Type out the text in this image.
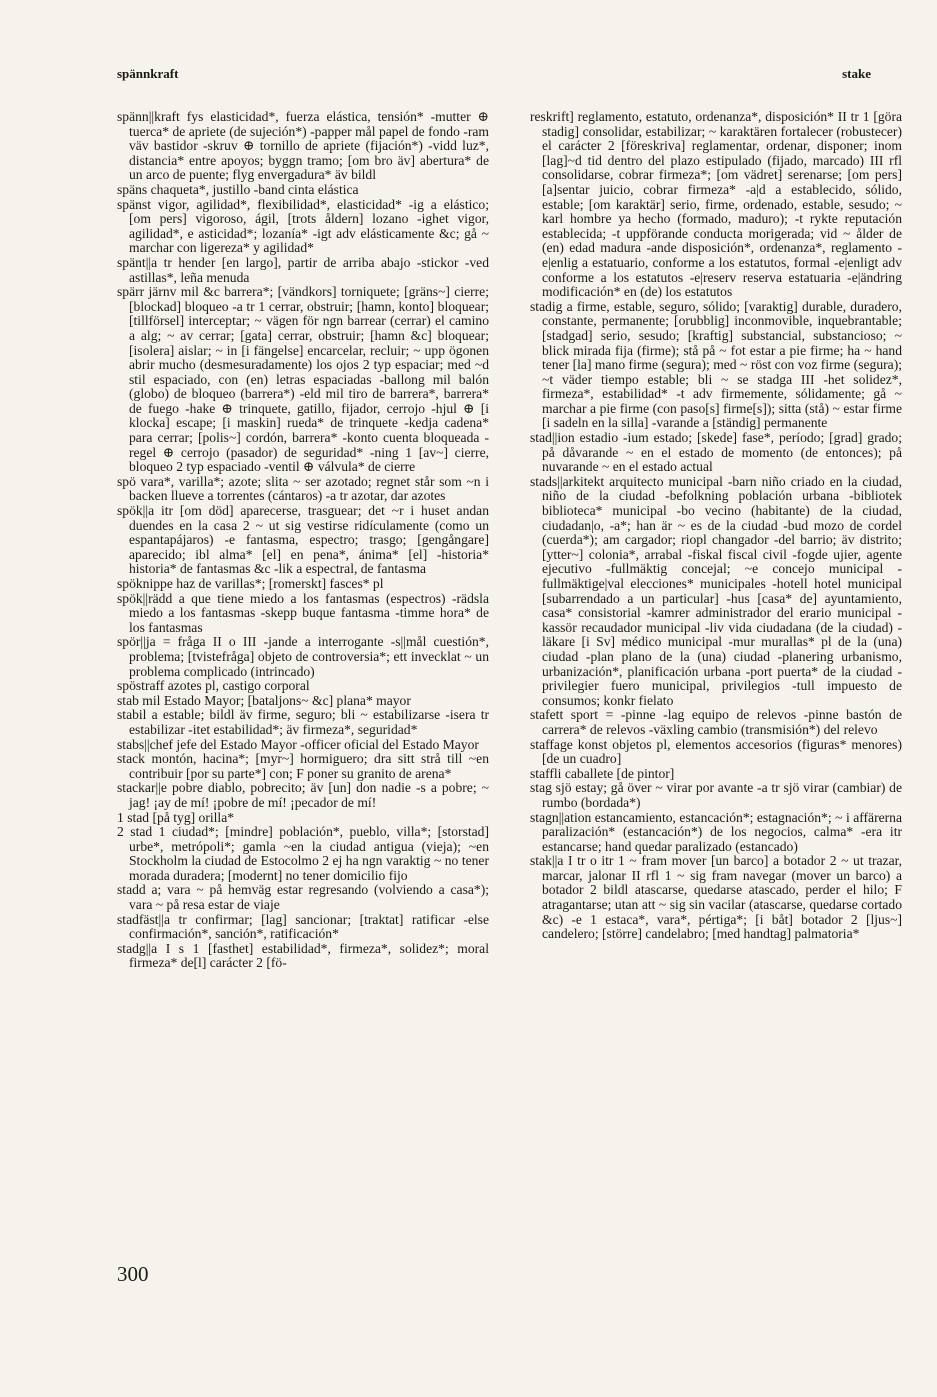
spännkraft	stake

spänn||kraft fys elasticidad*, fuerza elástica, tensión* -mutter ⊕ tuerca* de apriete (de sujeción*) -papper mål papel de fondo -ram väv bastidor -skruv ⊕ tornillo de apriete (fijación*) -vidd luz*, distancia* entre apoyos; byggn tramo; [om bro äv] abertura* de un arco de puente; flyg envergadura* äv bildl

späns chaqueta*, justillo -band cinta elástica

spänst vigor, agilidad*, flexibilidad*, elasticidad* -ig a elástico; [om pers] vigoroso, ágil, [trots åldern] lozano -ighet vigor, agilidad*, e asticidad*; lozanía* -igt adv elásticamente &c; gå ~ marchar con ligereza* y agilidad*

spänt||a tr hender [en largo], partir de arriba abajo -stickor -ved astillas*, leña menuda

spärr järnv mil &c barrera*; [vändkors] torniquete; [gräns~] cierre; [blockad] bloqueo -a tr 1 cerrar, obstruir; [hamn, konto] bloquear; [tillförsel] interceptar; ~ vägen för ngn barrear (cerrar) el camino a alg; ~ av cerrar; [gata] cerrar, obstruir; [hamn &c] bloquear; [isolera] aislar; ~ in [i fängelse] encarcelar, recluir; ~ upp ögonen abrir mucho (desmesuradamente) los ojos 2 typ espaciar; med ~d stil espaciado, con (en) letras espaciadas -ballong mil balón (globo) de bloqueo (barrera*) -eld mil tiro de barrera*, barrera* de fuego -hake ⊕ trinquete, gatillo, fijador, cerrojo -hjul ⊕ [i klocka] escape; [i maskin] rueda* de trinquete -kedja cadena* para cerrar; [polis~] cordón, barrera* -konto cuenta bloqueada -regel ⊕ cerrojo (pasador) de seguridad* -ning 1 [av~] cierre, bloqueo 2 typ espaciado -ventil ⊕ válvula* de cierre

spö vara*, varilla*; azote; slita ~ ser azotado; regnet står som ~n i backen llueve a torrentes (cántaros) -a tr azotar, dar azotes

spök||a itr [om död] aparecerse, trasguear; det ~r i huset andan duendes en la casa 2 ~ ut sig vestirse ridículamente (como un espantapájaros) -e fantasma, espectro; trasgo; [gengångare] aparecido; ibl alma* [el] en pena*, ánima* [el] -historia* historia* de fantasmas &c -lik a espectral, de fantasma

spöknippe haz de varillas*; [romerskt] fasces* pl

spök||rädd a que tiene miedo a los fantasmas (espectros) -rädsla miedo a los fantasmas -skepp buque fantasma -timme hora* de los fantasmas

spör||ja = fråga II o III -jande a interrogante -s||mål cuestión*, problema; [tvistefråga] objeto de controversia*; ett invecklat ~ un problema complicado (intrincado)

spöstraff azotes pl, castigo corporal

stab mil Estado Mayor; [bataljons~ &c] plana* mayor

stabil a estable; bildl äv firme, seguro; bli ~ estabilizarse -isera tr estabilizar -itet estabilidad*; äv firmeza*, seguridad*

stabs||chef jefe del Estado Mayor -officer oficial del Estado Mayor

stack montón, hacina*; [myr~] hormiguero; dra sitt strå till ~en contribuir [por su parte*] con; F poner su granito de arena*

stackar||e pobre diablo, pobrecito; äv [un] don nadie -s a pobre; ~ jag! ¡ay de mí! ¡pobre de mí! ¡pecador de mí!

1 stad [på tyg] orilla*

2 stad 1 ciudad*; [mindre] población*, pueblo, villa*; [storstad] urbe*, metrópoli*; gamla ~en la ciudad antigua (vieja); ~en Stockholm la ciudad de Estocolmo 2 ej ha ngn varaktig ~ no tener morada duradera; [modernt] no tener domicilio fijo

stadd a; vara ~ på hemväg estar regresando (volviendo a casa*); vara ~ på resa estar de viaje

stadfäst||a tr confirmar; [lag] sancionar; [traktat] ratificar -else confirmación*, sanción*, ratificación*

stadg||a I s 1 [fasthet] estabilidad*, firmeza*, solidez*; moral firmeza* de[l] carácter 2 [fö-

reskrift] reglamento, estatuto, ordenanza*, disposición* II tr 1 [göra stadig] consolidar, estabilizar; ~ karaktären fortalecer (robustecer) el carácter 2 [föreskriva] reglamentar, ordenar, disponer; inom [lag]~d tid dentro del plazo estipulado (fijado, marcado) III rfl consolidarse, cobrar firmeza*; [om vädret] serenarse; [om pers] [a]sentar juicio, cobrar firmeza* -a|d a establecido, sólido, estable; [om karaktär] serio, firme, ordenado, estable, sesudo; ~ karl hombre ya hecho (formado, maduro); -t rykte reputación establecida; -t uppförande conducta morigerada; vid ~ ålder de (en) edad madura -ande disposición*, ordenanza*, reglamento -e|enlig a estatuario, conforme a los estatutos, formal -e|enligt adv conforme a los estatutos -e|reserv reserva estatuaria -e|ändring modificación* en (de) los estatutos

stadig a firme, estable, seguro, sólido; [varaktig] durable, duradero, constante, permanente; [orubblig] inconmovible, inquebrantable; [stadgad] serio, sesudo; [kraftig] substancial, substancioso; ~ blick mirada fija (firme); stå på ~ fot estar a pie firme; ha ~ hand tener [la] mano firme (segura); med ~ röst con voz firme (segura); ~t väder tiempo estable; bli ~ se stadga III -het solidez*, firmeza*, estabilidad* -t adv firmemente, sólidamente; gå ~ marchar a pie firme (con paso[s] firme[s]); sitta (stå) ~ estar firme [i sadeln en la silla] -varande a [ständig] permanente

stad||ion estadio -ium estado; [skede] fase*, período; [grad] grado; på dåvarande ~ en el estado de momento (de entonces); på nuvarande ~ en el estado actual

stads||arkitekt arquitecto municipal -barn niño criado en la ciudad, niño de la ciudad -befolkning población urbana -bibliotek biblioteca* municipal -bo vecino (habitante) de la ciudad, ciudadan|o, -a*; han är ~ es de la ciudad -bud mozo de cordel (cuerda*); am cargador; riopl changador -del barrio; äv distrito; [ytter~] colonia*, arrabal -fiskal fiscal civil -fogde ujier, agente ejecutivo -fullmäktig concejal; ~e concejo municipal -fullmäktige|val elecciones* municipales -hotell hotel municipal [subarrendado a un particular] -hus [casa* de] ayuntamiento, casa* consistorial -kamrer administrador del erario municipal -kassör recaudador municipal -liv vida ciudadana (de la ciudad) -läkare [i Sv] médico municipal -mur murallas* pl de la (una) ciudad -plan plano de la (una) ciudad -planering urbanismo, urbanización*, planificación urbana -port puerta* de la ciudad -privilegier fuero municipal, privilegios -tull impuesto de consumos; konkr fielato

stafett sport = -pinne -lag equipo de relevos -pinne bastón de carrera* de relevos -växling cambio (transmisión*) del relevo

staffage konst objetos pl, elementos accesorios (figuras* menores) [de un cuadro]

staffli caballete [de pintor]

stag sjö estay; gå över ~ virar por avante -a tr sjö virar (cambiar) de rumbo (bordada*)

stagn||ation estancamiento, estancación*; estagnación*; ~ i affärerna paralización* (estancación*) de los negocios, calma* -era itr estancarse; hand quedar paralizado (estancado)

stak||a I tr o itr 1 ~ fram mover [un barco] a botador 2 ~ ut trazar, marcar, jalonar II rfl 1 ~ sig fram navegar (mover un barco) a botador 2 bildl atascarse, quedarse atascado, perder el hilo; F atragantarse; utan att ~ sig sin vacilar (atascarse, quedarse cortado &c) -e 1 estaca*, vara*, pértiga*; [i båt] botador 2 [ljus~] candelero; [större] candelabro; [med handtag] palmatoria*

300
